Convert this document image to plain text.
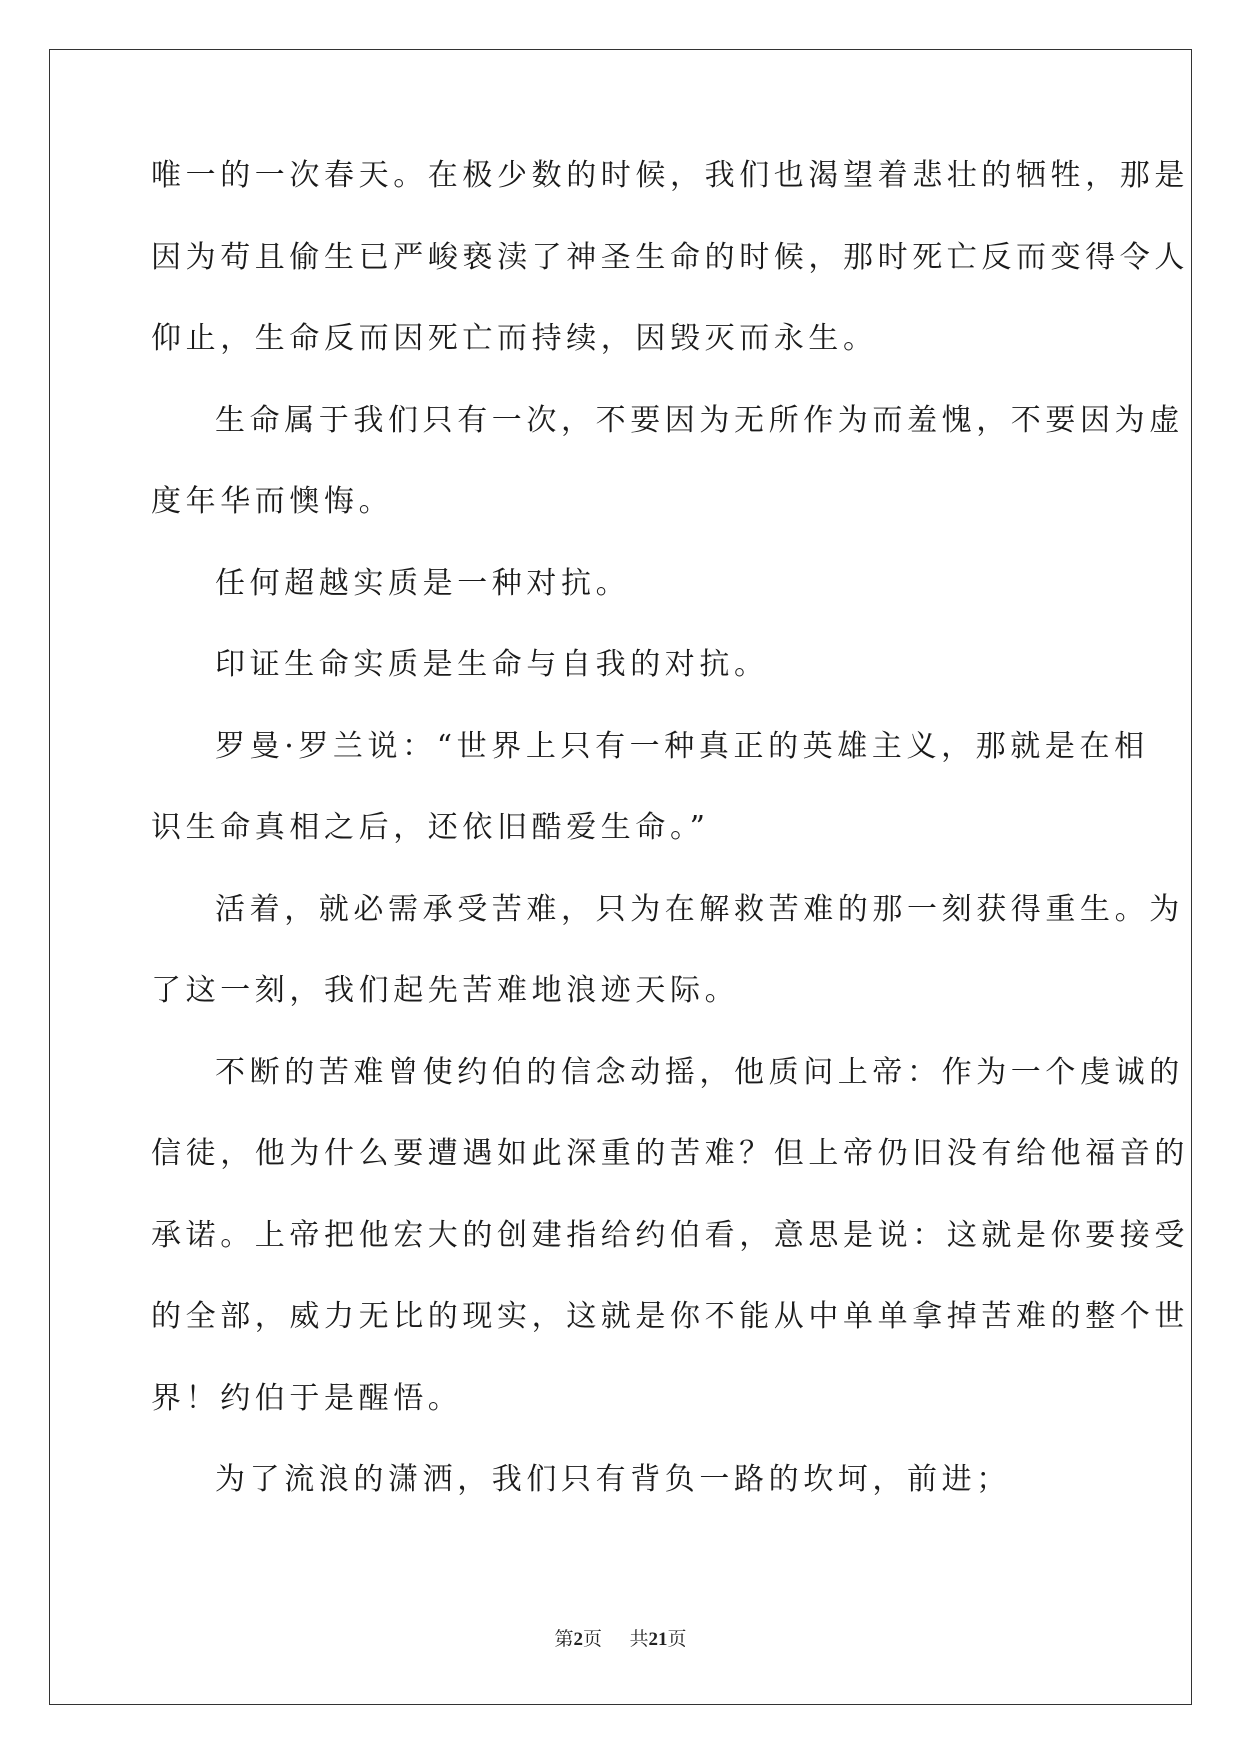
唯一的一次春天。在极少数的时候，我们也渴望着悲壮的牺牲，那是
因为苟且偷生已严峻亵渎了神圣生命的时候，那时死亡反而变得令人
仰止，生命反而因死亡而持续，因毁灭而永生。
生命属于我们只有一次，不要因为无所作为而羞愧，不要因为虚
度年华而懊悔。
任何超越实质是一种对抗。
印证生命实质是生命与自我的对抗。
罗曼·罗兰说：“世界上只有一种真正的英雄主义，那就是在相
识生命真相之后，还依旧酷爱生命。”
活着，就必需承受苦难，只为在解救苦难的那一刻获得重生。为
了这一刻，我们起先苦难地浪迹天际。
不断的苦难曾使约伯的信念动摇，他质问上帝：作为一个虔诚的
信徒，他为什么要遭遇如此深重的苦难？但上帝仍旧没有给他福音的
承诺。上帝把他宏大的创建指给约伯看，意思是说：这就是你要接受
的全部，威力无比的现实，这就是你不能从中单单拿掉苦难的整个世
界！约伯于是醒悟。
为了流浪的潇洒，我们只有背负一路的坎坷，前进；
第2页 共21页
